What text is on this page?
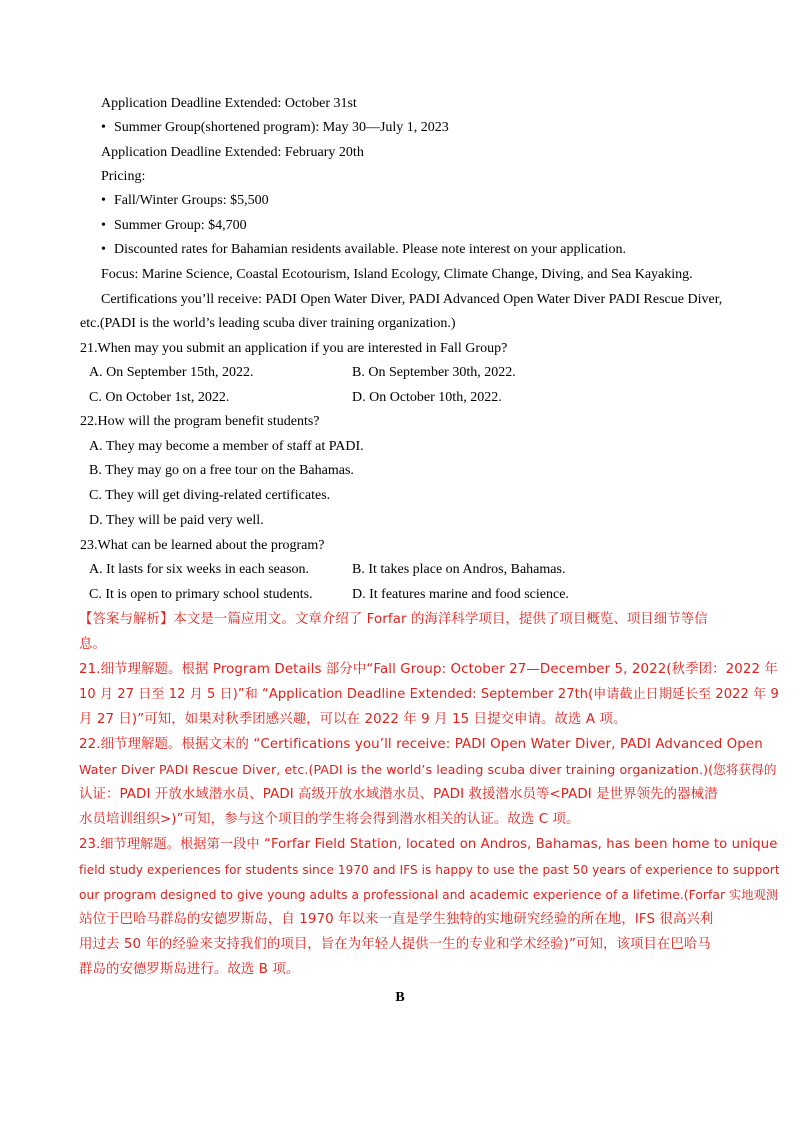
Application Deadline Extended: October 31st
• Summer Group(shortened program): May 30—July 1, 2023
Application Deadline Extended: February 20th
Pricing:
• Fall/Winter Groups: $5,500
• Summer Group: $4,700
• Discounted rates for Bahamian residents available. Please note interest on your application.
Focus: Marine Science, Coastal Ecotourism, Island Ecology, Climate Change, Diving, and Sea Kayaking.
Certifications you’ll receive: PADI Open Water Diver, PADI Advanced Open Water Diver PADI Rescue Diver,
etc.(PADI is the world’s leading scuba diver training organization.)
21.When may you submit an application if you are interested in Fall Group?
A. On September 15th, 2022.	B. On September 30th, 2022.
C. On October 1st, 2022.	D. On October 10th, 2022.
22.How will the program benefit students?
A. They may become a member of staff at PADI.
B. They may go on a free tour on the Bahamas.
C. They will get diving-related certificates.
D. They will be paid very well.
23.What can be learned about the program?
A. It lasts for six weeks in each season.	B. It takes place on Andros, Bahamas.
C. It is open to primary school students.	D. It features marine and food science.
【答案与解析】本文是一篇应用文。文章介绍了 Forfar 的海洋科学项目，提供了项目概览、项目细节等信
息。
21.细节理解题。根据 Program Details 部分中“Fall Group: October 27—December 5, 2022(秋季团：2022 年
10 月 27 日至 12 月 5 日)”和 “Application Deadline Extended: September 27th(申请截止日期延长至 2022 年 9
月 27 日)”可知，如果对秋季团感兴趣，可以在 2022 年 9 月 15 日提交申请。故选 A 项。
22.细节理解题。根据文末的 “Certifications you’ll receive: PADI Open Water Diver, PADI Advanced Open
Water Diver PADI Rescue Diver, etc.(PADI is the world’s leading scuba diver training organization.)(您将获得的
认证：PADI 开放水域潜水员、PADI 高级开放水域潜水员、PADI 救援潜水员等<PADI 是世界领先的器械潜
水员培训组织>)”可知，参与这个项目的学生将会得到潜水相关的认证。故选 C 项。
23.细节理解题。根据第一段中 “Forfar Field Station, located on Andros, Bahamas, has been home to unique
field study experiences for students since 1970 and IFS is happy to use the past 50 years of experience to support
our program designed to give young adults a professional and academic experience of a lifetime.(Forfar 实地观测
站位于巴哈马群岛的安德罗斯岛，自 1970 年以来一直是学生独特的实地研究经验的所在地，IFS 很高兴利
用过去 50 年的经验来支持我们的项目，旨在为年轻人提供一生的专业和学术经验)”可知，该项目在巴哈马
群岛的安德罗斯岛进行。故选 B 项。
B
